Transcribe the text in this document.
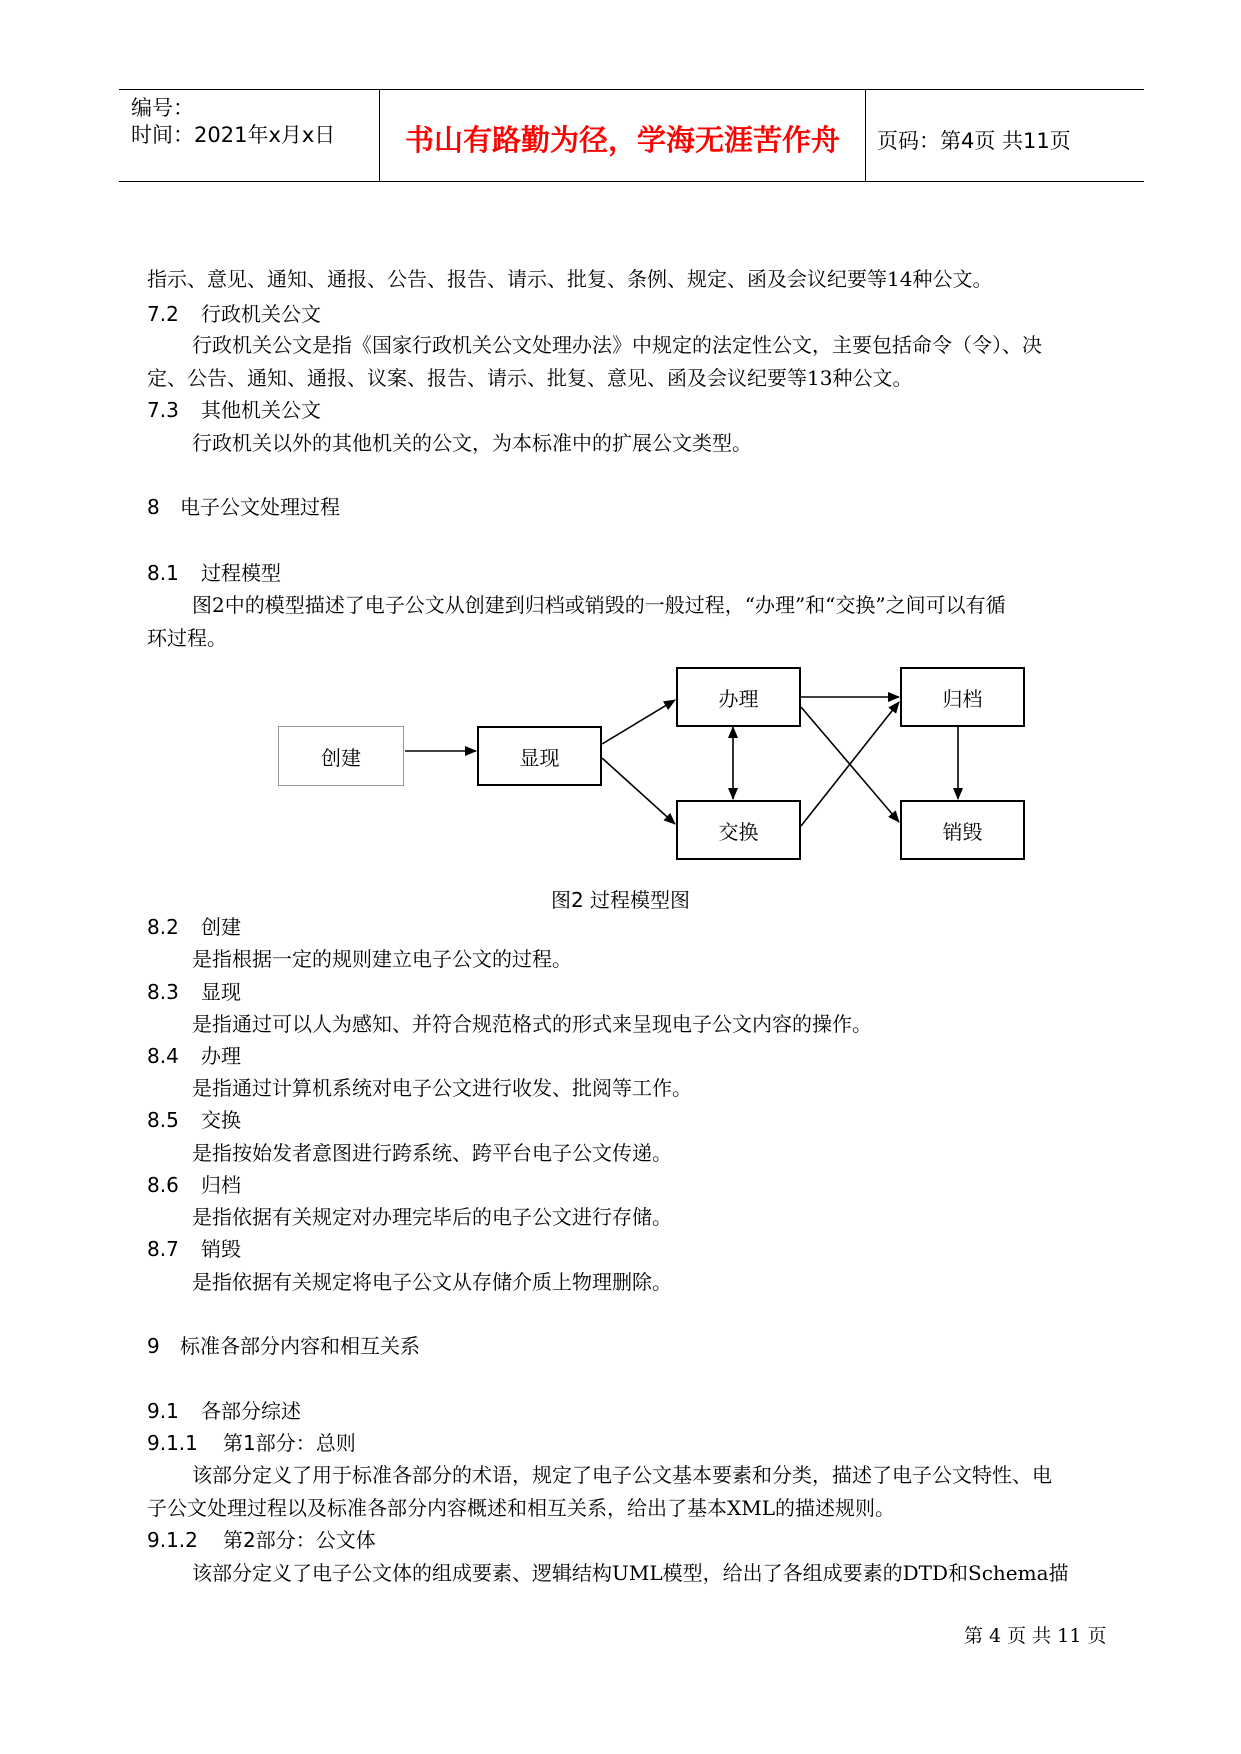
编号：
时间：2021年x月x日	书山有路勤为径，学海无涯苦作舟	页码：第4页 共11页
指示、意见、通知、通报、公告、报告、请示、批复、条例、规定、函及会议纪要等14种公文。
7.2 行政机关公文
行政机关公文是指《国家行政机关公文处理办法》中规定的法定性公文，主要包括命令（令）、决
定、公告、通知、通报、议案、报告、请示、批复、意见、函及会议纪要等13种公文。
7.3 其他机关公文
行政机关以外的其他机关的公文，为本标准中的扩展公文类型。
8 电子公文处理过程
8.1 过程模型
图2中的模型描述了电子公文从创建到归档或销毁的一般过程，“办理”和“交换”之间可以有循
环过程。
创建	显现
办理
交换
归档
销毁
图2 过程模型图
8.2 创建
是指根据一定的规则建立电子公文的过程。
8.3 显现
是指通过可以人为感知、并符合规范格式的形式来呈现电子公文内容的操作。
8.4 办理
是指通过计算机系统对电子公文进行收发、批阅等工作。
8.5 交换
是指按始发者意图进行跨系统、跨平台电子公文传递。
8.6 归档
是指依据有关规定对办理完毕后的电子公文进行存储。
8.7 销毁
是指依据有关规定将电子公文从存储介质上物理删除。
9 标准各部分内容和相互关系
9.1 各部分综述
9.1.1 第1部分：总则
该部分定义了用于标准各部分的术语，规定了电子公文基本要素和分类，描述了电子公文特性、电
子公文处理过程以及标准各部分内容概述和相互关系，给出了基本XML的描述规则。
9.1.2 第2部分：公文体
该部分定义了电子公文体的组成要素、逻辑结构UML模型，给出了各组成要素的DTD和Schema描
第 4 页 共 11 页
